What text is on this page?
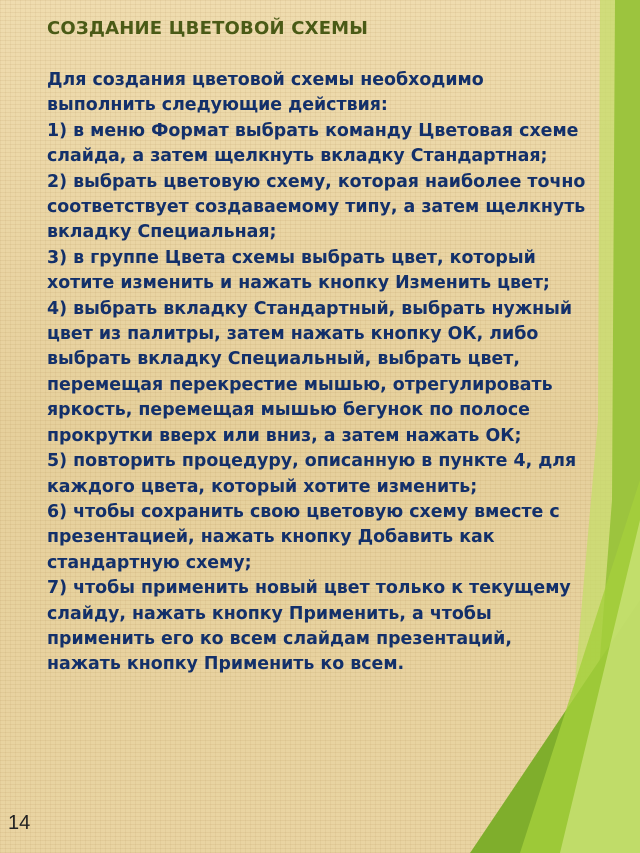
СОЗДАНИЕ ЦВЕТОВОЙ СХЕМЫ

Для создания цветовой схемы необходимо выполнить следующие действия:

1) в меню Формат выбрать команду Цветовая схеме слайда, а затем щелкнуть вкладку Стандартная;

2) выбрать цветовую схему, которая наиболее точно соответствует создаваемому типу, а затем щелкнуть вкладку Специальная;

3) в группе Цвета схемы выбрать цвет, который хотите изменить и нажать кнопку Изменить цвет;

4) выбрать вкладку Стандартный, выбрать нужный цвет из палитры, затем нажать кнопку ОК, либо выбрать вкладку Специальный, выбрать цвет, перемещая перекрестие мышью, отрегулировать яркость, перемещая мышью бегунок по полосе прокрутки вверх или вниз, а затем нажать ОК;

5) повторить процедуру, описанную в пункте 4, для каждого цвета, который хотите изменить;

6) чтобы сохранить свою цветовую схему вместе с презентацией, нажать кнопку Добавить как стандартную схему;

7) чтобы применить новый цвет только к текущему слайду, нажать кнопку Применить, а чтобы применить его ко всем слайдам презентаций, нажать кнопку Применить ко всем.

14
